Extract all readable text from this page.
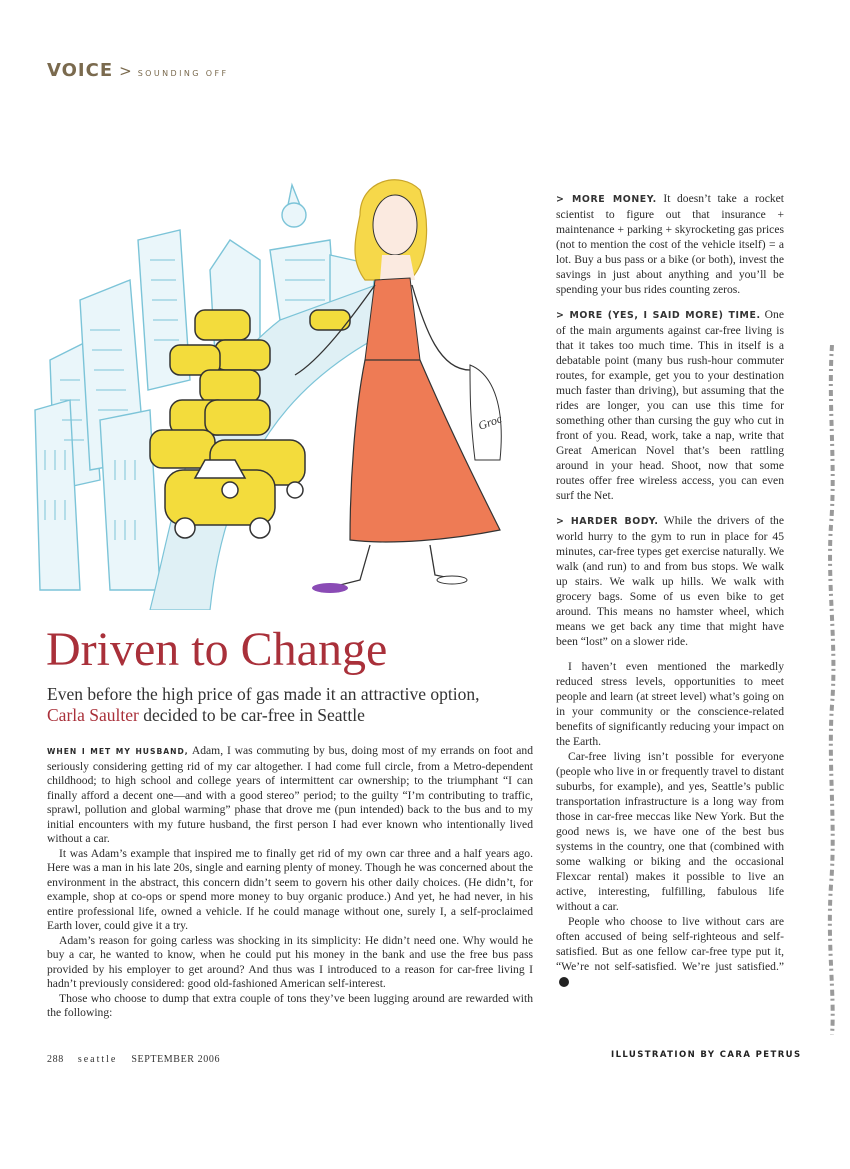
VOICE > SOUNDING OFF
Groc
Driven to Change
Even before the high price of gas made it an attractive option, Carla Saulter decided to be car-free in Seattle

WHEN I MET MY HUSBAND, Adam, I was commuting by bus, doing most of my errands on foot and seriously considering getting rid of my car altogether. I had come full circle, from a Metro-dependent childhood; to high school and college years of intermittent car ownership; to the triumphant “I can finally afford a decent one—and with a good stereo” period; to the guilty “I’m contributing to traffic, sprawl, pollution and global warming” phase that drove me (pun intended) back to the bus and to my initial encounters with my future husband, the first person I had ever known who intentionally lived without a car.

It was Adam’s example that inspired me to finally get rid of my own car three and a half years ago. Here was a man in his late 20s, single and earning plenty of money. Though he was concerned about the environment in the abstract, this concern didn’t seem to govern his other daily choices. (He didn’t, for example, shop at co-ops or spend more money to buy organic produce.) And yet, he had never, in his entire professional life, owned a vehicle. If he could manage without one, surely I, a self-proclaimed Earth lover, could give it a try.

Adam’s reason for going carless was shocking in its simplicity: He didn’t need one. Why would he buy a car, he wanted to know, when he could put his money in the bank and use the free bus pass provided by his employer to get around? And thus was I introduced to a reason for car-free living I hadn’t previously considered: good old-fashioned American self-interest.

Those who choose to dump that extra couple of tons they’ve been lugging around are rewarded with the following:

> MORE MONEY. It doesn’t take a rocket scientist to figure out that insurance + maintenance + parking + skyrocketing gas prices (not to mention the cost of the vehicle itself) = a lot. Buy a bus pass or a bike (or both), invest the savings in just about anything and you’ll be spending your bus rides counting zeros.

> MORE (YES, I SAID MORE) TIME. One of the main arguments against car-free living is that it takes too much time. This in itself is a debatable point (many bus rush-hour commuter routes, for example, get you to your destination much faster than driving), but assuming that the rides are longer, you can use this time for something other than cursing the guy who cut in front of you. Read, work, take a nap, write that Great American Novel that’s been rattling around in your head. Shoot, now that some routes offer free wireless access, you can even surf the Net.

> HARDER BODY. While the drivers of the world hurry to the gym to run in place for 45 minutes, car-free types get exercise naturally. We walk (and run) to and from bus stops. We walk up stairs. We walk up hills. We walk with grocery bags. Some of us even bike to get around. This means no hamster wheel, which means we get back any time that might have been “lost” on a slower ride.

I haven’t even mentioned the markedly reduced stress levels, opportunities to meet people and learn (at street level) what’s going on in your community or the conscience-related benefits of significantly reducing your impact on the Earth.

Car-free living isn’t possible for everyone (people who live in or frequently travel to distant suburbs, for example), and yes, Seattle’s public transportation infrastructure is a long way from those in car-free meccas like New York. But the good news is, we have one of the best bus systems in the country, one that (combined with some walking or biking and the occasional Flexcar rental) makes it possible to live an active, interesting, fulfilling, fabulous life without a car.

People who choose to live without cars are often accused of being self-righteous and self-satisfied. But as one fellow car-free type put it, “We’re not self-satisfied. We’re just satisfied.”

288 seattle SEPTEMBER 2006	ILLUSTRATION BY CARA PETRUS
